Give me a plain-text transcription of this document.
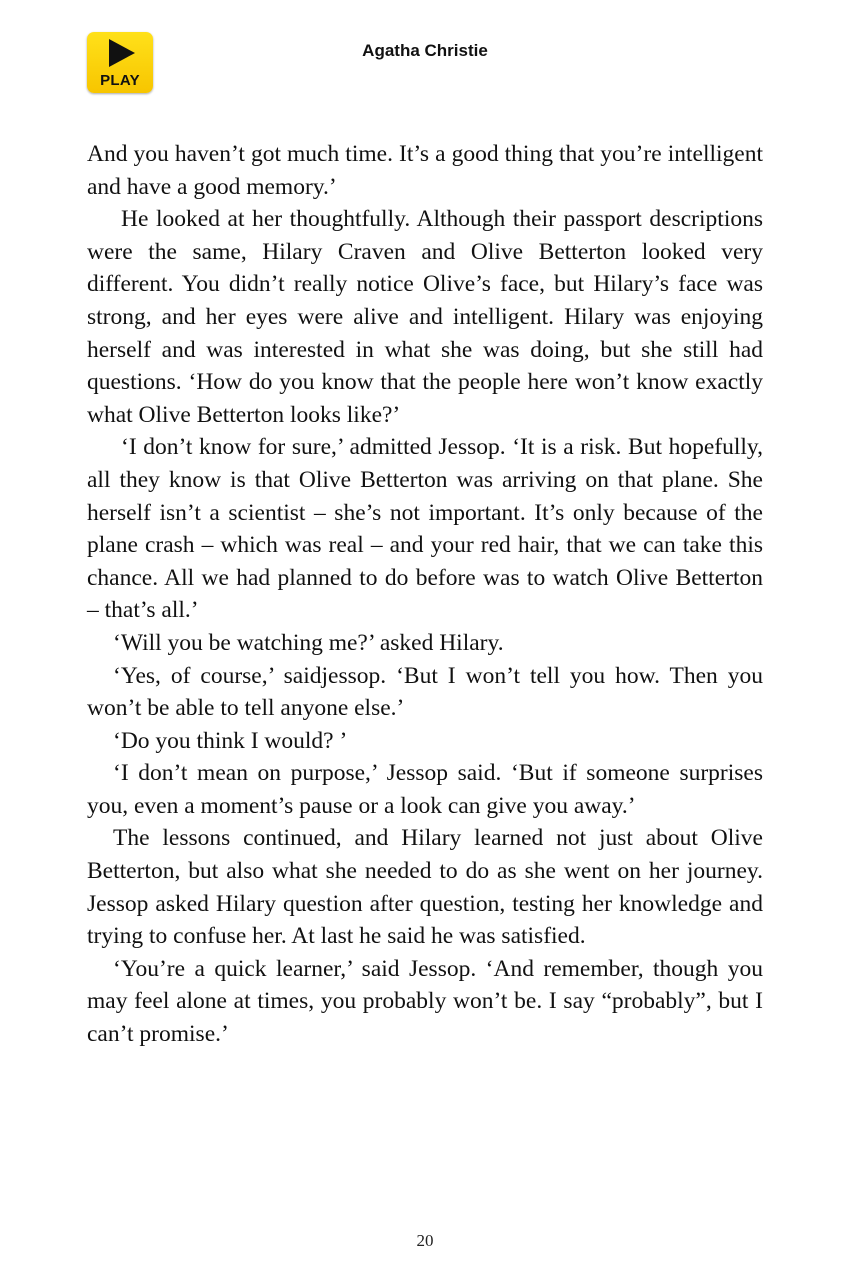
PLAY
Agatha Christie

And you haven’t got much time. It’s a good thing that you’re intelligent and have a good memory.’

He looked at her thoughtfully. Although their passport descriptions were the same, Hilary Craven and Olive Betterton looked very different. You didn’t really notice Olive’s face, but Hilary’s face was strong, and her eyes were alive and intelligent. Hilary was enjoying herself and was interested in what she was doing, but she still had questions. ‘How do you know that the people here won’t know exactly what Olive Betterton looks like?’

‘I don’t know for sure,’ admitted Jessop. ‘It is a risk. But hopefully, all they know is that Olive Betterton was arriving on that plane. She herself isn’t a scientist – she’s not important. It’s only because of the plane crash – which was real – and your red hair, that we can take this chance. All we had planned to do before was to watch Olive Betterton – that’s all.’

‘Will you be watching me?’ asked Hilary.

‘Yes, of course,’ saidjessop. ‘But I won’t tell you how. Then you won’t be able to tell anyone else.’

‘Do you think I would? ’

‘I don’t mean on purpose,’ Jessop said. ‘But if someone surprises you, even a moment’s pause or a look can give you away.’

The lessons continued, and Hilary learned not just about Olive Betterton, but also what she needed to do as she went on her journey. Jessop asked Hilary question after question, testing her knowledge and trying to confuse her. At last he said he was satisfied.

‘You’re a quick learner,’ said Jessop. ‘And remember, though you may feel alone at times, you probably won’t be. I say “probably”, but I can’t promise.’

20
